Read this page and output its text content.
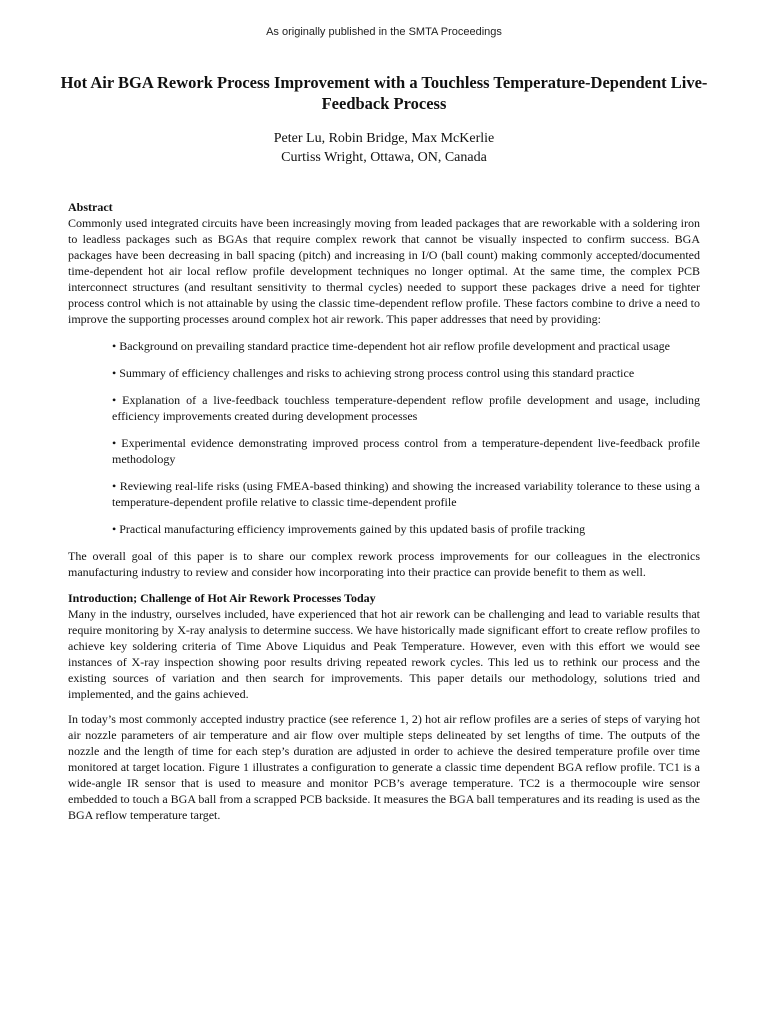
As originally published in the SMTA Proceedings
Hot Air BGA Rework Process Improvement with a Touchless Temperature-Dependent Live-Feedback Process
Peter Lu, Robin Bridge, Max McKerlie
Curtiss Wright, Ottawa, ON, Canada
Abstract

Commonly used integrated circuits have been increasingly moving from leaded packages that are reworkable with a soldering iron to leadless packages such as BGAs that require complex rework that cannot be visually inspected to confirm success. BGA packages have been decreasing in ball spacing (pitch) and increasing in I/O (ball count) making commonly accepted/documented time-dependent hot air local reflow profile development techniques no longer optimal. At the same time, the complex PCB interconnect structures (and resultant sensitivity to thermal cycles) needed to support these packages drive a need for tighter process control which is not attainable by using the classic time-dependent reflow profile. These factors combine to drive a need to improve the supporting processes around complex hot air rework. This paper addresses that need by providing:

• Background on prevailing standard practice time-dependent hot air reflow profile development and practical usage
• Summary of efficiency challenges and risks to achieving strong process control using this standard practice
• Explanation of a live-feedback touchless temperature-dependent reflow profile development and usage, including efficiency improvements created during development processes
• Experimental evidence demonstrating improved process control from a temperature-dependent live-feedback profile methodology
• Reviewing real-life risks (using FMEA-based thinking) and showing the increased variability tolerance to these using a temperature-dependent profile relative to classic time-dependent profile
• Practical manufacturing efficiency improvements gained by this updated basis of profile tracking

The overall goal of this paper is to share our complex rework process improvements for our colleagues in the electronics manufacturing industry to review and consider how incorporating into their practice can provide benefit to them as well.

Introduction; Challenge of Hot Air Rework Processes Today

Many in the industry, ourselves included, have experienced that hot air rework can be challenging and lead to variable results that require monitoring by X-ray analysis to determine success. We have historically made significant effort to create reflow profiles to achieve key soldering criteria of Time Above Liquidus and Peak Temperature. However, even with this effort we would see instances of X-ray inspection showing poor results driving repeated rework cycles. This led us to rethink our process and the existing sources of variation and then search for improvements. This paper details our methodology, solutions tried and implemented, and the gains achieved.

In today’s most commonly accepted industry practice (see reference 1, 2) hot air reflow profiles are a series of steps of varying hot air nozzle parameters of air temperature and air flow over multiple steps delineated by set lengths of time. The outputs of the nozzle and the length of time for each step’s duration are adjusted in order to achieve the desired temperature profile over time monitored at target location. Figure 1 illustrates a configuration to generate a classic time dependent BGA reflow profile. TC1 is a wide-angle IR sensor that is used to measure and monitor PCB’s average temperature. TC2 is a thermocouple wire sensor embedded to touch a BGA ball from a scrapped PCB backside. It measures the BGA ball temperatures and its reading is used as the BGA reflow temperature target.
